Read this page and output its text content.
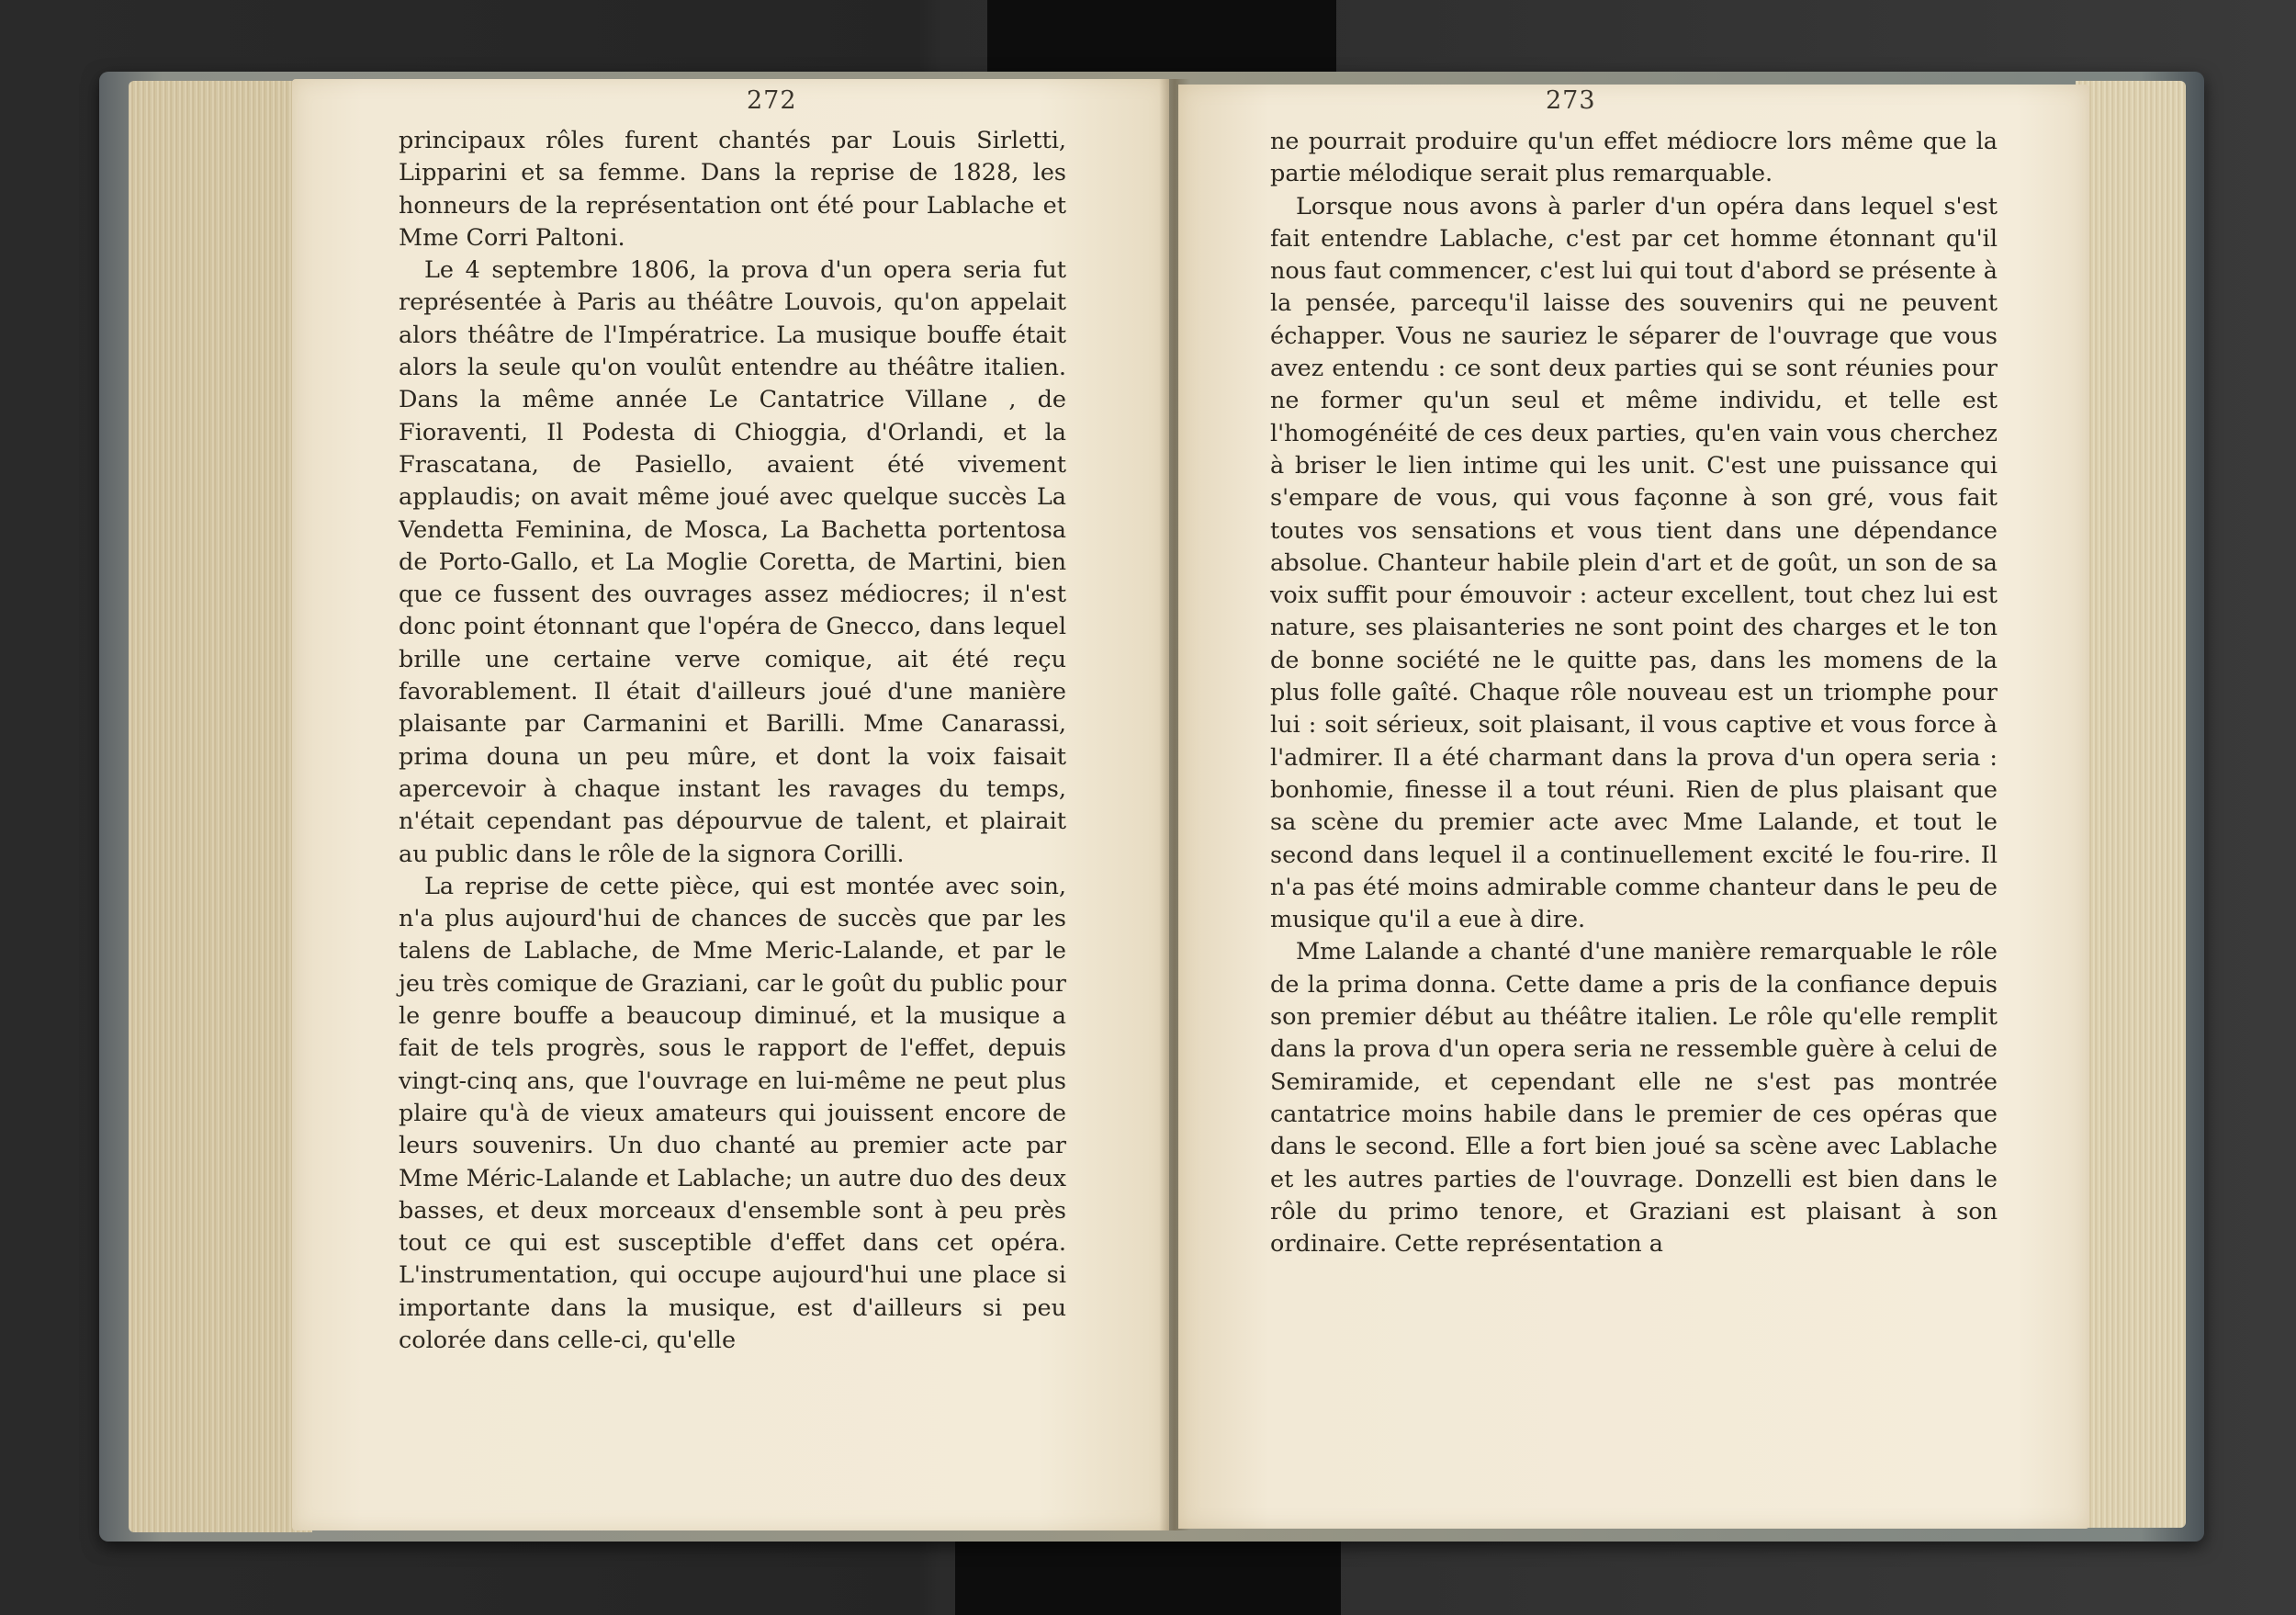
272

principaux rôles furent chantés par Louis Sirletti, Lipparini et sa femme. Dans la reprise de 1828, les honneurs de la représentation ont été pour Lablache et Mme Corri Paltoni.

Le 4 septembre 1806, la prova d'un opera seria fut représentée à Paris au théâtre Louvois, qu'on appelait alors théâtre de l'Impératrice. La musique bouffe était alors la seule qu'on voulût entendre au théâtre italien. Dans la même année Le Cantatrice Villane , de Fioraventi, Il Podesta di Chioggia, d'Orlandi, et la Frascatana, de Pasiello, avaient été vivement applaudis; on avait même joué avec quelque succès La Vendetta Feminina, de Mosca, La Bachetta portentosa de Porto-Gallo, et La Moglie Coretta, de Martini, bien que ce fussent des ouvrages assez médiocres; il n'est donc point étonnant que l'opéra de Gnecco, dans lequel brille une certaine verve comique, ait été reçu favorablement. Il était d'ailleurs joué d'une manière plaisante par Carmanini et Barilli. Mme Canarassi, prima douna un peu mûre, et dont la voix faisait apercevoir à chaque instant les ravages du temps, n'était cependant pas dépourvue de talent, et plairait au public dans le rôle de la signora Corilli.

La reprise de cette pièce, qui est montée avec soin, n'a plus aujourd'hui de chances de succès que par les talens de Lablache, de Mme Meric-Lalande, et par le jeu très comique de Graziani, car le goût du public pour le genre bouffe a beaucoup diminué, et la musique a fait de tels progrès, sous le rapport de l'effet, depuis vingt-cinq ans, que l'ouvrage en lui-même ne peut plus plaire qu'à de vieux amateurs qui jouissent encore de leurs souvenirs. Un duo chanté au premier acte par Mme Méric-Lalande et Lablache; un autre duo des deux basses, et deux morceaux d'ensemble sont à peu près tout ce qui est susceptible d'effet dans cet opéra. L'instrumentation, qui occupe aujourd'hui une place si importante dans la musique, est d'ailleurs si peu colorée dans celle-ci, qu'elle

273

ne pourrait produire qu'un effet médiocre lors même que la partie mélodique serait plus remarquable.

Lorsque nous avons à parler d'un opéra dans lequel s'est fait entendre Lablache, c'est par cet homme étonnant qu'il nous faut commencer, c'est lui qui tout d'abord se présente à la pensée, parcequ'il laisse des souvenirs qui ne peuvent échapper. Vous ne sauriez le séparer de l'ouvrage que vous avez entendu : ce sont deux parties qui se sont réunies pour ne former qu'un seul et même individu, et telle est l'homogénéité de ces deux parties, qu'en vain vous cherchez à briser le lien intime qui les unit. C'est une puissance qui s'empare de vous, qui vous façonne à son gré, vous fait toutes vos sensations et vous tient dans une dépendance absolue. Chanteur habile plein d'art et de goût, un son de sa voix suffit pour émouvoir : acteur excellent, tout chez lui est nature, ses plaisanteries ne sont point des charges et le ton de bonne société ne le quitte pas, dans les momens de la plus folle gaîté. Chaque rôle nouveau est un triomphe pour lui : soit sérieux, soit plaisant, il vous captive et vous force à l'admirer. Il a été charmant dans la prova d'un opera seria : bonhomie, finesse il a tout réuni. Rien de plus plaisant que sa scène du premier acte avec Mme Lalande, et tout le second dans lequel il a continuellement excité le fou-rire. Il n'a pas été moins admirable comme chanteur dans le peu de musique qu'il a eue à dire.

Mme Lalande a chanté d'une manière remarquable le rôle de la prima donna. Cette dame a pris de la confiance depuis son premier début au théâtre italien. Le rôle qu'elle remplit dans la prova d'un opera seria ne ressemble guère à celui de Semiramide, et cependant elle ne s'est pas montrée cantatrice moins habile dans le premier de ces opéras que dans le second. Elle a fort bien joué sa scène avec Lablache et les autres parties de l'ouvrage. Donzelli est bien dans le rôle du primo tenore, et Graziani est plaisant à son ordinaire. Cette représentation a
